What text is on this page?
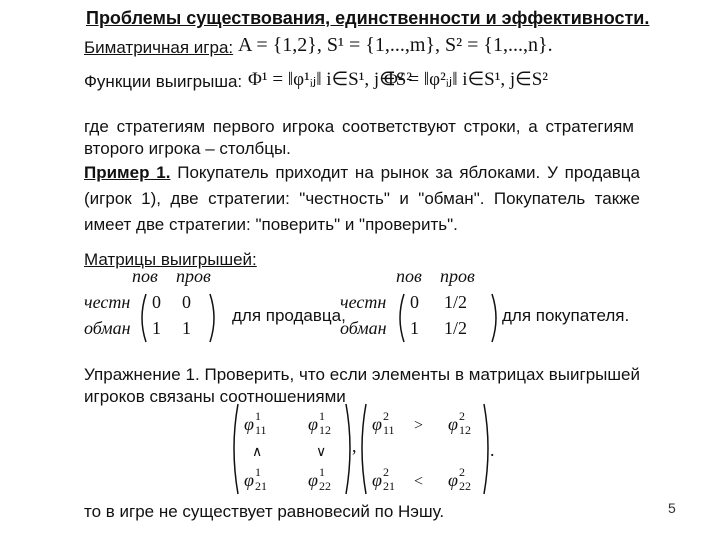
Проблемы существования, единственности и эффективности.
Биматричная игра: A = {1,2}, S¹ = {1,...,m}, S² = {1,...,n}.
Функции выигрыша: Φ¹ = ‖φ¹ᵢⱼ‖ i∈S¹, j∈S²
Φ² = ‖φ²ᵢⱼ‖ i∈S¹, j∈S²
где стратегиям первого игрока соответствуют строки, а стратегиям второго игрока – столбцы.
Пример 1. Покупатель приходит на рынок за яблоками. У продавца (игрок 1), две стратегии: "честность" и "обман". Покупатель также имеет две стратегии: "поверить" и "проверить".
Матрицы выигрышей:
пов пров
честн
обман
0 0
1 1
для продавца,
пов пров
честн
обман
0 1/2
1 1/2
для покупателя.
Упражнение 1. Проверить, что если элементы в матрицах выигрышей игроков связаны соотношениями
φ 1
11 φ 1
12
∧	∨
φ 1
21 φ 1
22
,
φ 2
11 > φ 2
12
φ 2
21 < φ 2
22
.
то в игре не существует равновесий по Нэшу.	5
